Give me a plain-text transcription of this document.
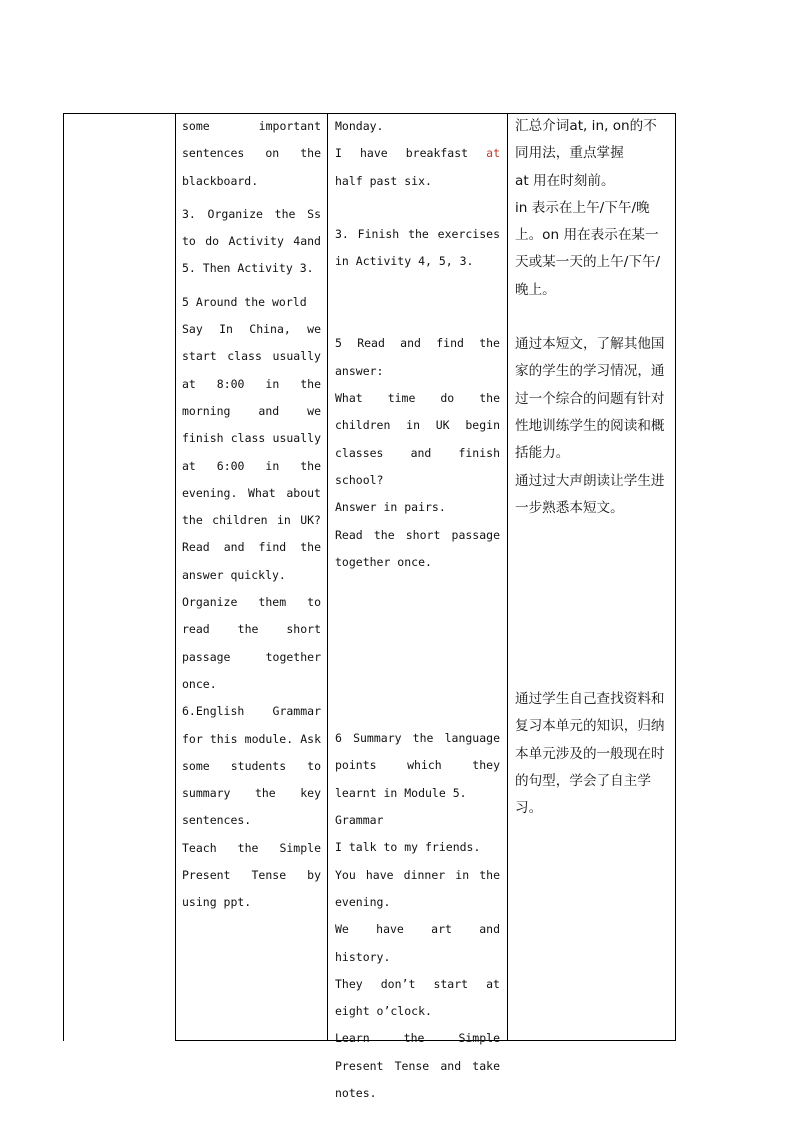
some important sentences on the blackboard.

3. Organize the Ss to do Activity 4and 5. Then Activity 3.

5 Around the world

Say In China, we start class usually at 8:00 in the morning and we finish class usually at 6:00 in the evening. What about the children in UK? Read and find the answer quickly.

Organize them to read the short passage together once.

6.English Grammar for this module. Ask some students to summary the key sentences.

Teach the Simple Present Tense by using ppt.

Monday.

I have breakfast at half past six.

3. Finish the exercises in Activity 4, 5, 3.

5 Read and find the answer:

What time do the children in UK begin classes and finish school?

Answer in pairs.

Read the short passage together once.

6 Summary the language points which they learnt in Module 5.

Grammar

I talk to my friends.

You have dinner in the evening.

We have art and history.

They don’t start at eight o’clock.

Learn the Simple Present Tense and take notes.

汇总介词at, in, on的不同用法，重点掌握

at 用在时刻前。

in 表示在上午/下午/晚上。on 用在表示在某一天或某一天的上午/下午/晚上。

通过本短文，了解其他国家的学生的学习情况，通过一个综合的问题有针对性地训练学生的阅读和概括能力。

通过过大声朗读让学生进一步熟悉本短文。

通过学生自己查找资料和复习本单元的知识，归纳本单元涉及的一般现在时的句型，学会了自主学习。
